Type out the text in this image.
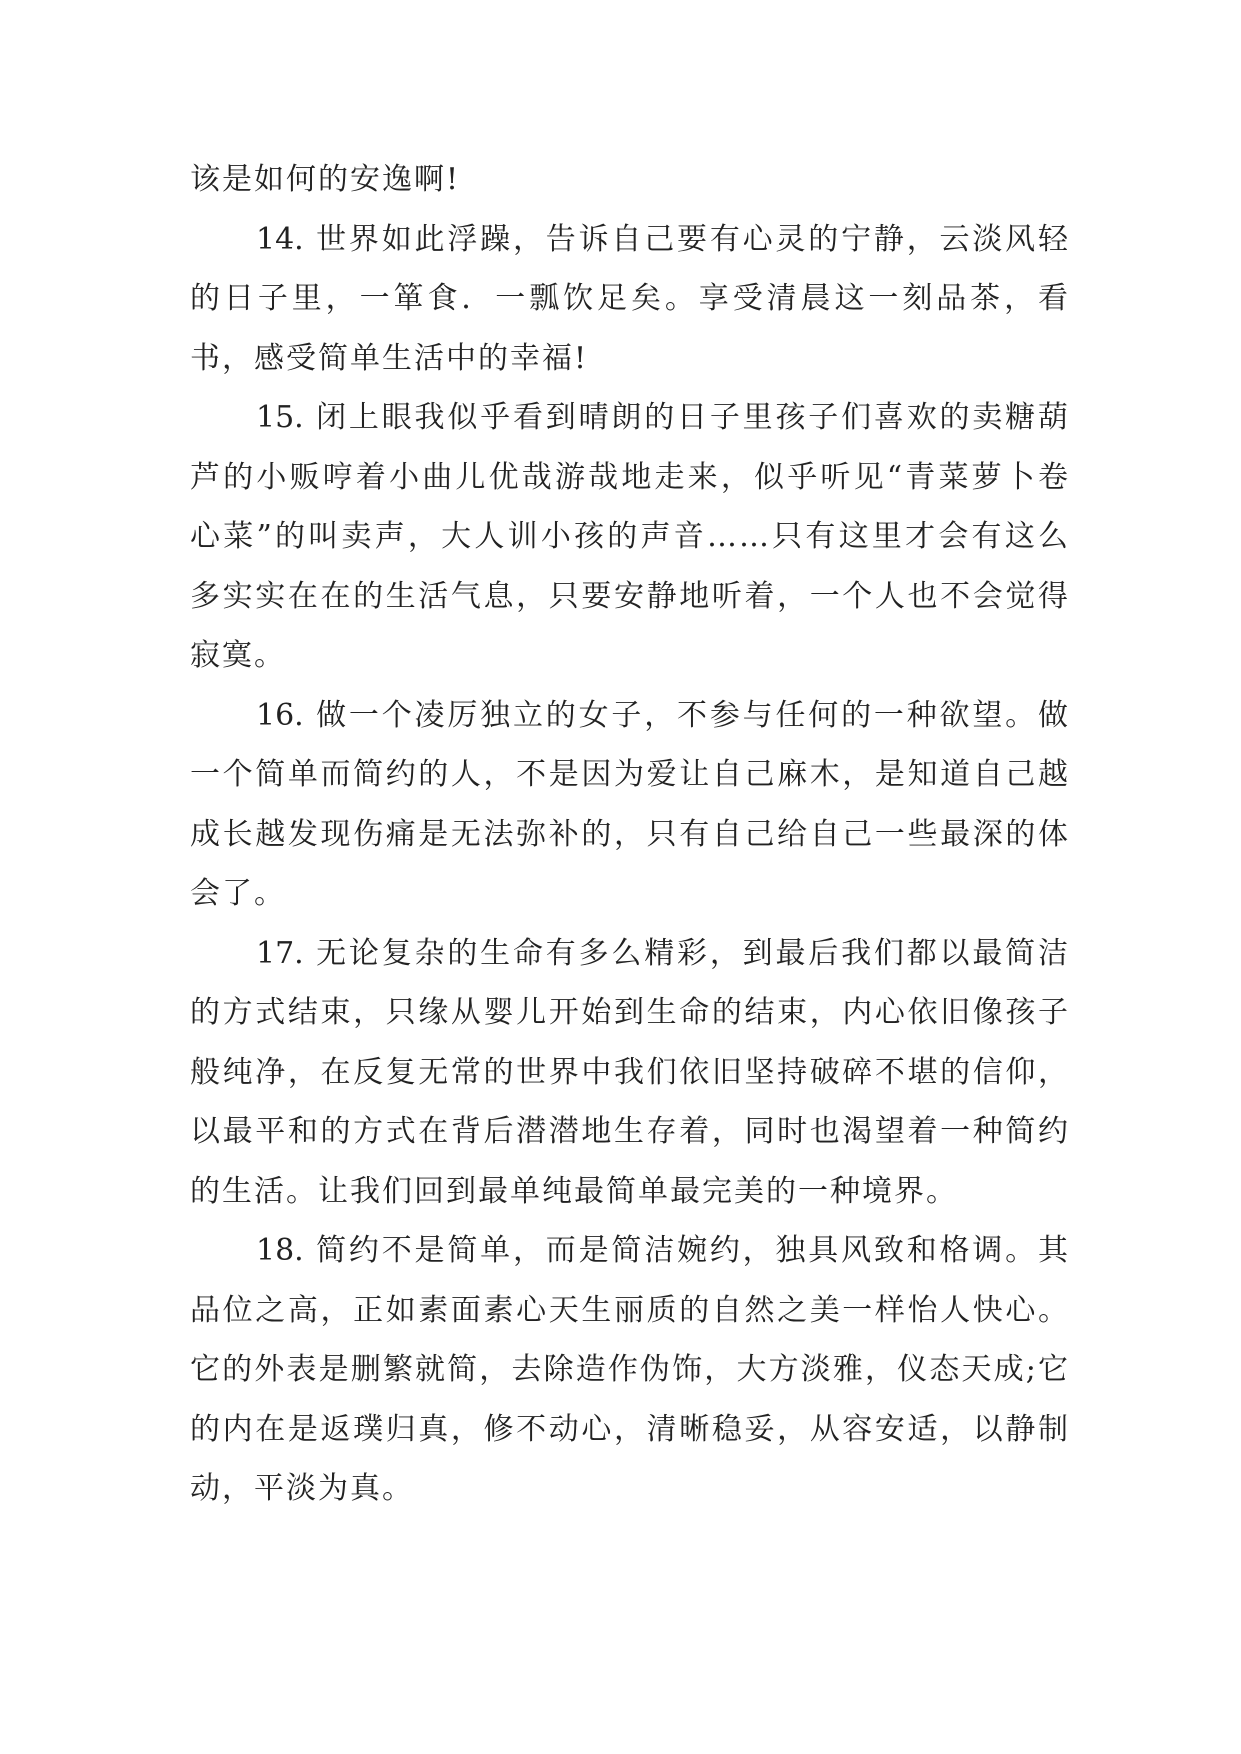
该是如何的安逸啊!

14. 世界如此浮躁，告诉自己要有心灵的宁静，云淡风轻的日子里，一箪食．一瓢饮足矣。享受清晨这一刻品茶，看书，感受简单生活中的幸福!

15. 闭上眼我似乎看到晴朗的日子里孩子们喜欢的卖糖葫芦的小贩哼着小曲儿优哉游哉地走来，似乎听见“青菜萝卜卷心菜”的叫卖声，大人训小孩的声音……只有这里才会有这么多实实在在的生活气息，只要安静地听着，一个人也不会觉得寂寞。

16. 做一个凌厉独立的女子，不参与任何的一种欲望。做一个简单而简约的人，不是因为爱让自己麻木，是知道自己越成长越发现伤痛是无法弥补的，只有自己给自己一些最深的体会了。

17. 无论复杂的生命有多么精彩，到最后我们都以最简洁的方式结束，只缘从婴儿开始到生命的结束，内心依旧像孩子般纯净，在反复无常的世界中我们依旧坚持破碎不堪的信仰，以最平和的方式在背后潜潜地生存着，同时也渴望着一种简约的生活。让我们回到最单纯最简单最完美的一种境界。

18. 简约不是简单，而是简洁婉约，独具风致和格调。其品位之高，正如素面素心天生丽质的自然之美一样怡人快心。它的外表是删繁就简，去除造作伪饰，大方淡雅，仪态天成;它的内在是返璞归真，修不动心，清晰稳妥，从容安适，以静制动，平淡为真。
